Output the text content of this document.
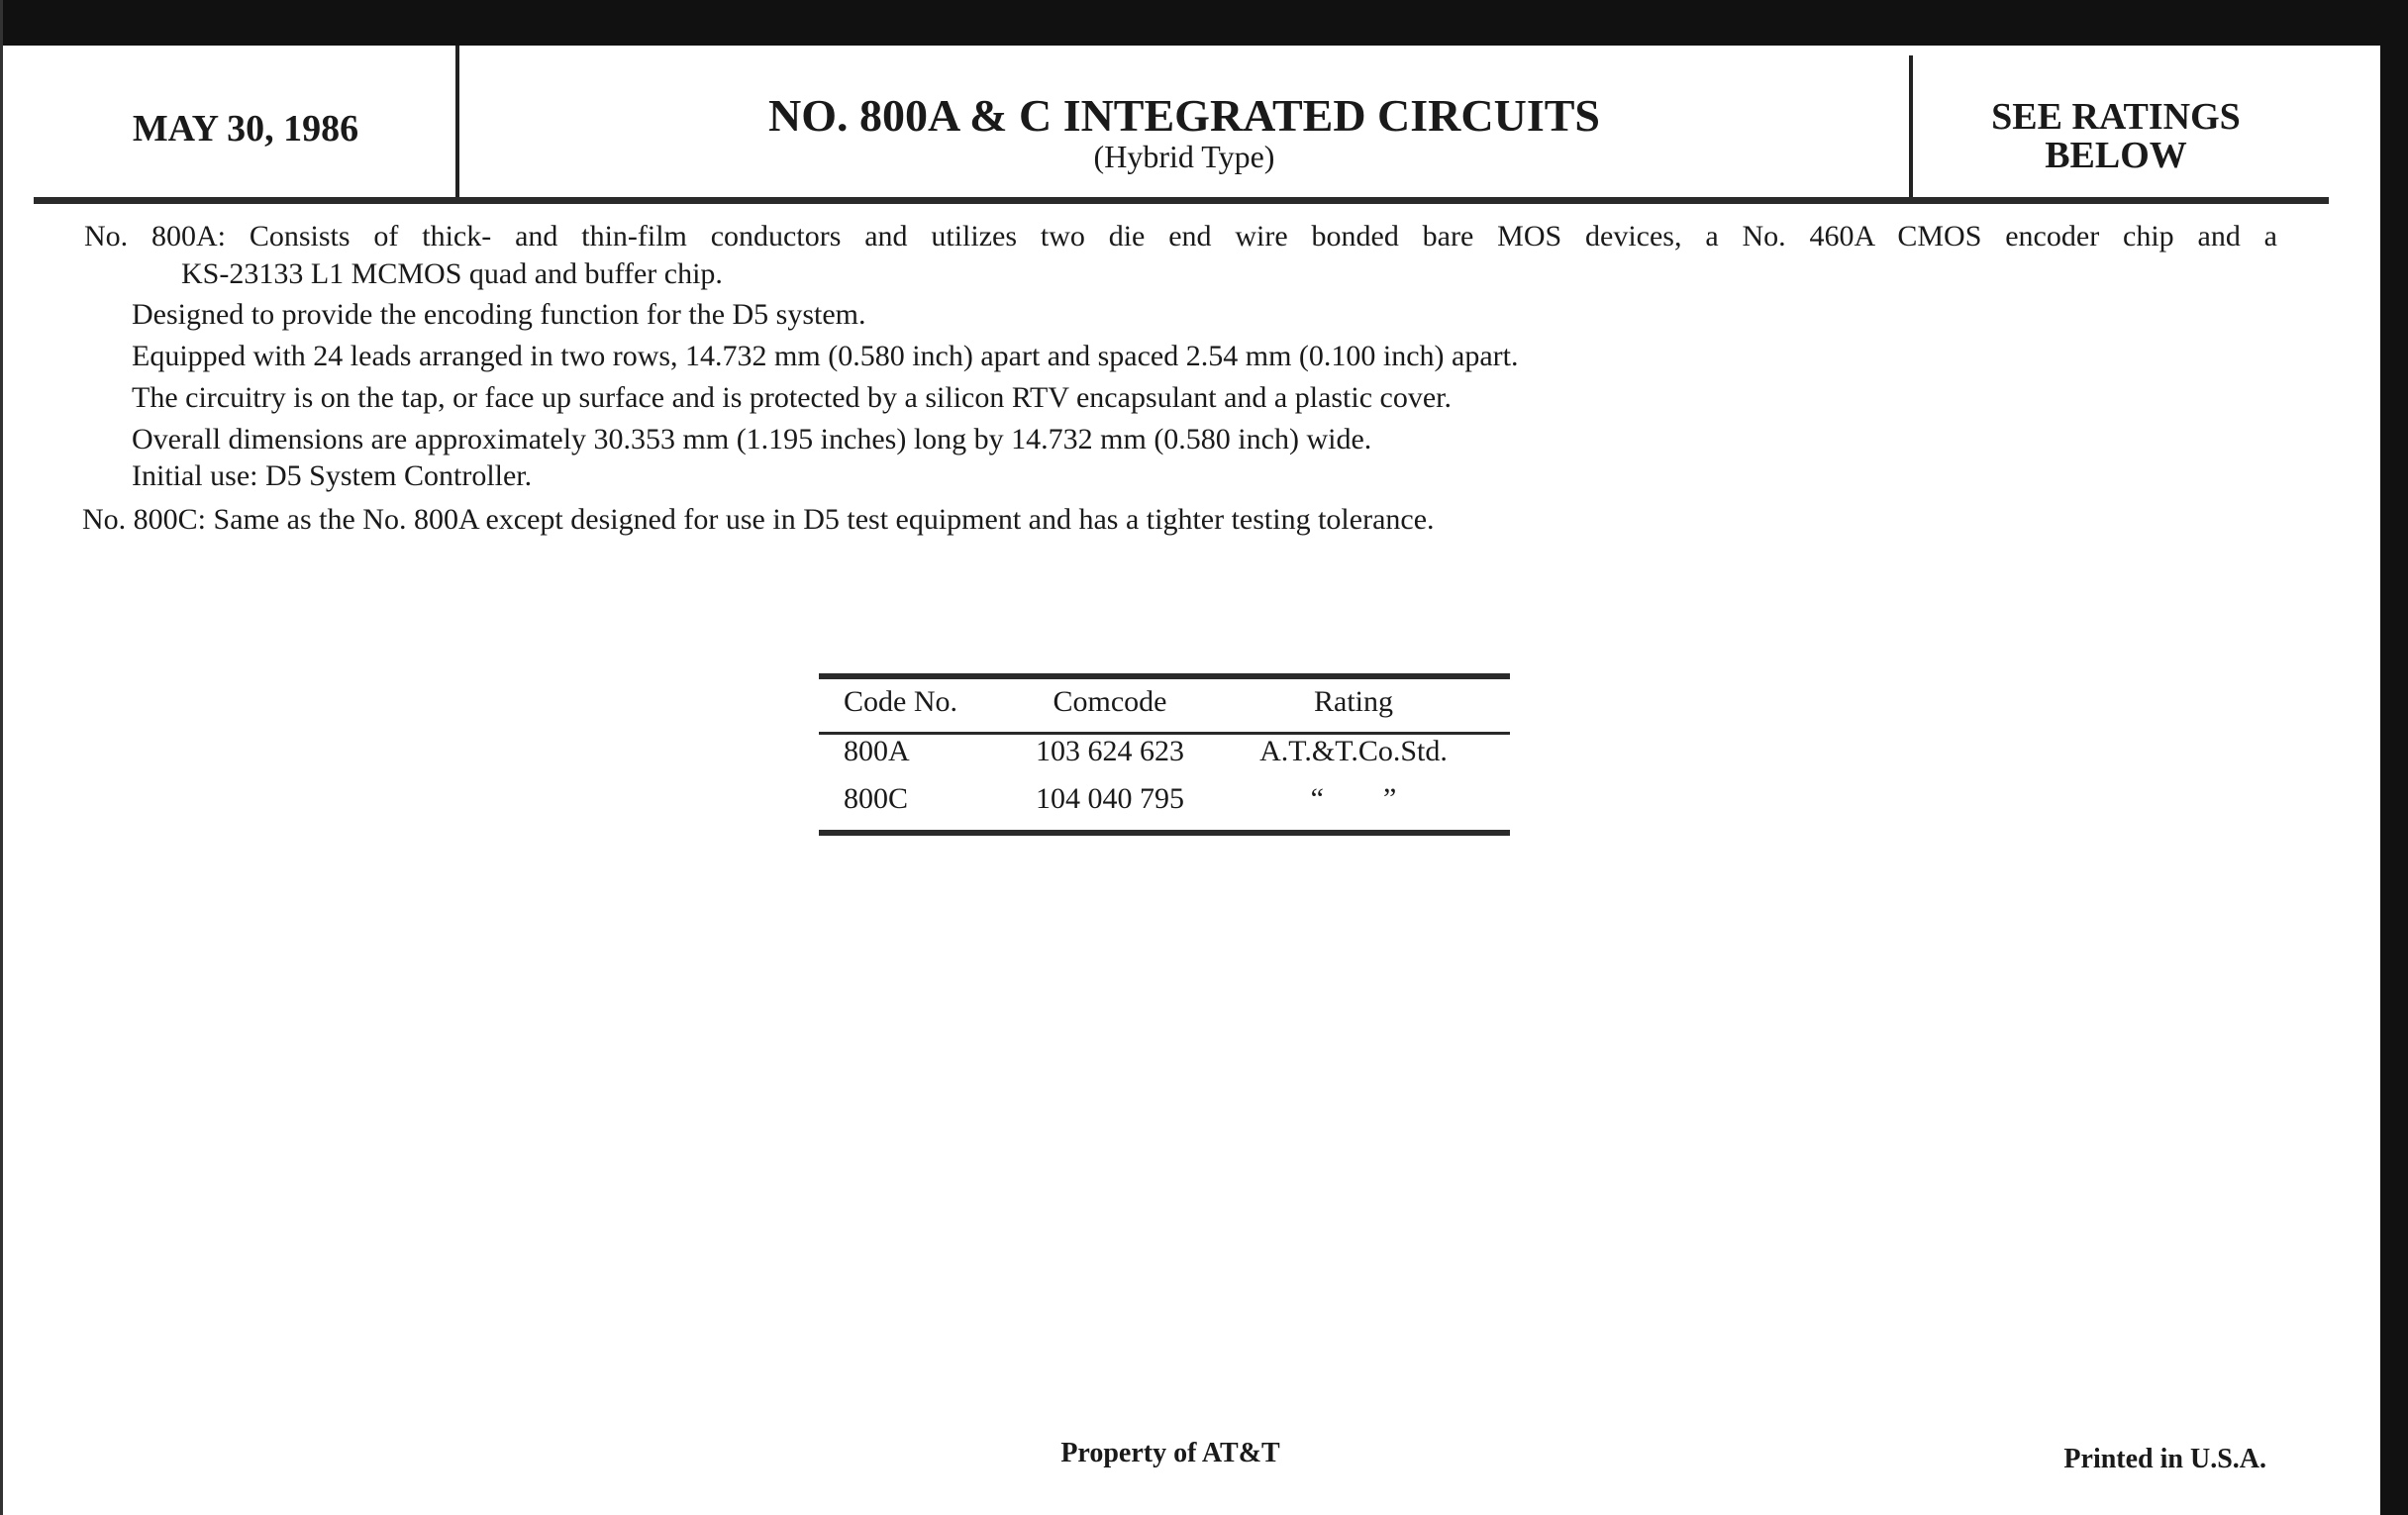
MAY 30, 1986	NO. 800A & C INTEGRATED CIRCUITS
(Hybrid Type)
SEE RATINGS
BELOW
No. 800A: Consists of thick- and thin-film conductors and utilizes two die end wire bonded bare MOS devices, a No. 460A CMOS encoder chip and a
KS-23133 L1 MCMOS quad and buffer chip.
Designed to provide the encoding function for the D5 system.
Equipped with 24 leads arranged in two rows, 14.732 mm (0.580 inch) apart and spaced 2.54 mm (0.100 inch) apart.
The circuitry is on the tap, or face up surface and is protected by a silicon RTV encapsulant and a plastic cover.
Overall dimensions are approximately 30.353 mm (1.195 inches) long by 14.732 mm (0.580 inch) wide.
Initial use: D5 System Controller.
No. 800C: Same as the No. 800A except designed for use in D5 test equipment and has a tighter testing tolerance.
Code No.	Comcode	Rating
800A	103 624 623	A.T.&T.Co.Std.
800C	104 040 795	“        ”
Property of AT&T	Printed in U.S.A.
